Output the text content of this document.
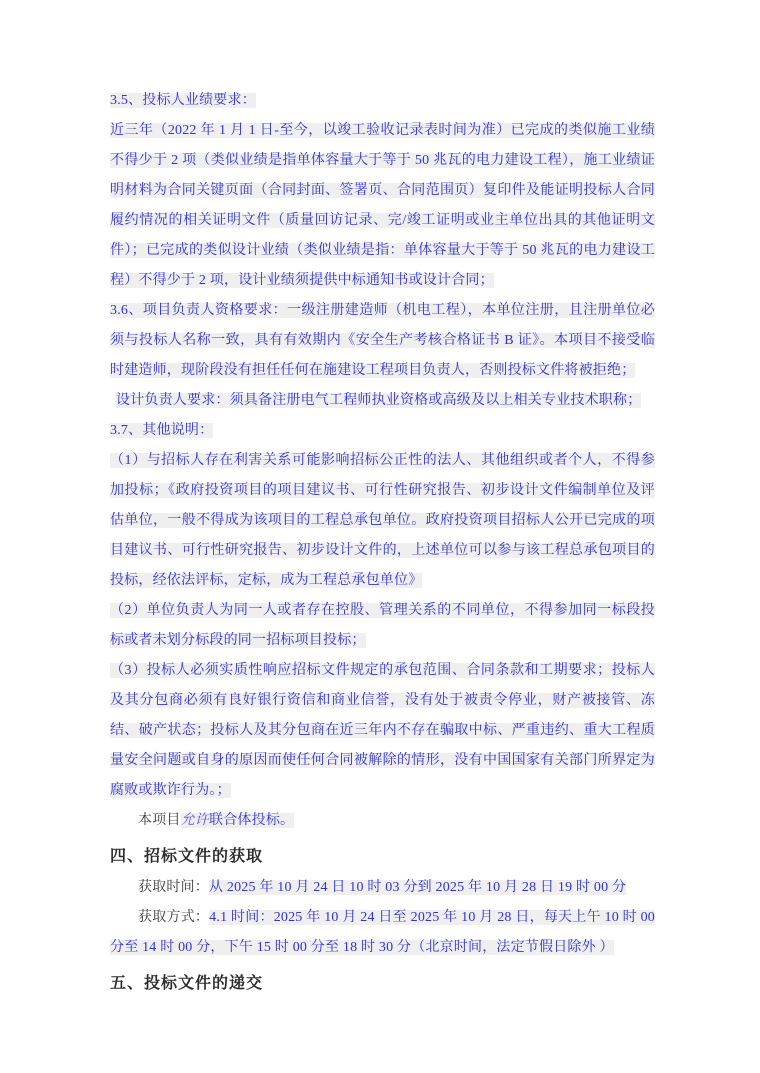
3.5、投标人业绩要求：

近三年（2022 年 1 月 1 日-至今，以竣工验收记录表时间为准）已完成的类似施工业绩不得少于 2 项（类似业绩是指单体容量大于等于 50 兆瓦的电力建设工程），施工业绩证明材料为合同关键页面（合同封面、签署页、合同范围页）复印件及能证明投标人合同履约情况的相关证明文件（质量回访记录、完/竣工证明或业主单位出具的其他证明文件）；已完成的类似设计业绩（类似业绩是指：单体容量大于等于 50 兆瓦的电力建设工程）不得少于 2 项，设计业绩须提供中标通知书或设计合同；

3.6、项目负责人资格要求：一级注册建造师（机电工程），本单位注册，且注册单位必须与投标人名称一致，具有有效期内《安全生产考核合格证书 B 证》。本项目不接受临时建造师，现阶段没有担任任何在施建设工程项目负责人，否则投标文件将被拒绝；

设计负责人要求：须具备注册电气工程师执业资格或高级及以上相关专业技术职称；

3.7、其他说明：

（1）与招标人存在利害关系可能影响招标公正性的法人、其他组织或者个人，不得参加投标；《政府投资项目的项目建议书、可行性研究报告、初步设计文件编制单位及评估单位，一般不得成为该项目的工程总承包单位。政府投资项目招标人公开已完成的项目建议书、可行性研究报告、初步设计文件的，上述单位可以参与该工程总承包项目的投标，经依法评标，定标，成为工程总承包单位》

（2）单位负责人为同一人或者存在控股、管理关系的不同单位，不得参加同一标段投标或者未划分标段的同一招标项目投标；

（3）投标人必须实质性响应招标文件规定的承包范围、合同条款和工期要求；投标人及其分包商必须有良好银行资信和商业信誉，没有处于被责令停业，财产被接管、冻结、破产状态；投标人及其分包商在近三年内不存在骗取中标、严重违约、重大工程质量安全问题或自身的原因而使任何合同被解除的情形，没有中国国家有关部门所界定为腐败或欺诈行为。；

本项目允许联合体投标。

四、招标文件的获取

获取时间：从 2025 年 10 月 24 日 10 时 03 分到 2025 年 10 月 28 日 19 时 00 分

获取方式：4.1 时间：2025 年 10 月 24 日至 2025 年 10 月 28 日，每天上午 10 时 00 分至 14 时 00 分，下午 15 时 00 分至 18 时 30 分（北京时间，法定节假日除外 ）

五、投标文件的递交
